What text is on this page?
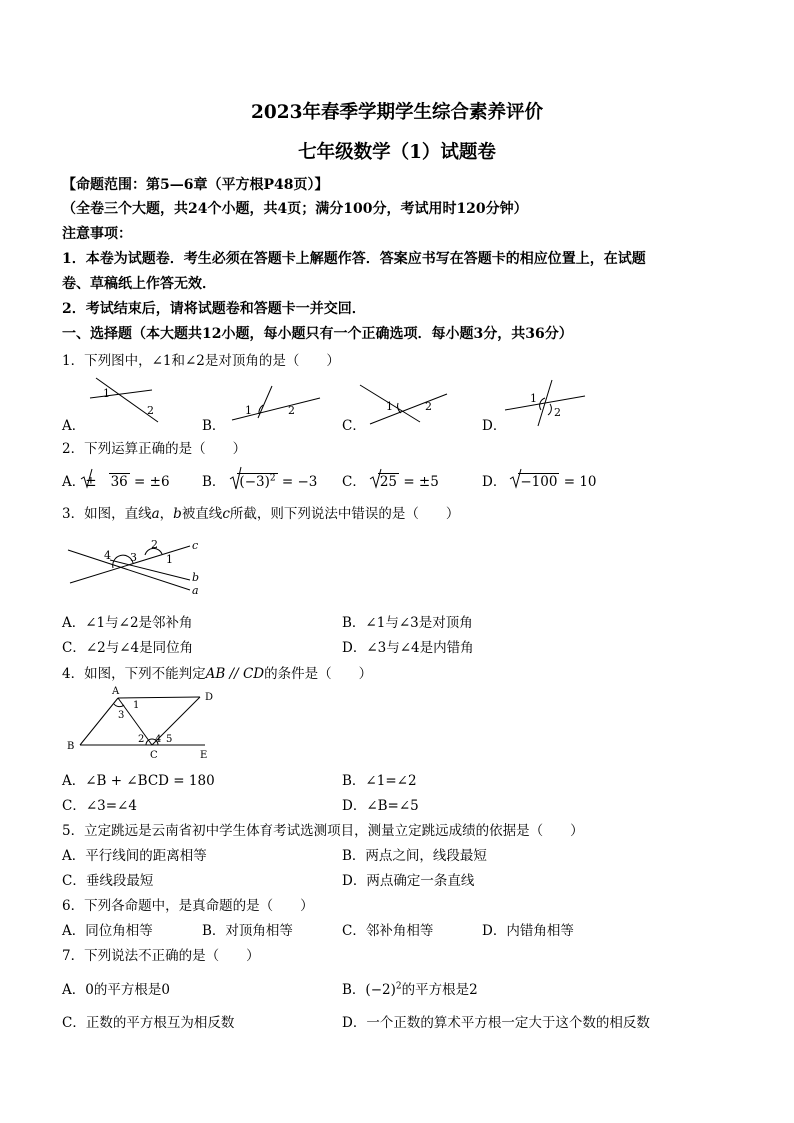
2023年春季学期学生综合素养评价
七年级数学（1）试题卷
【命题范围：第5—6章（平方根P48页）】
（全卷三个大题，共24个小题，共4页；满分100分，考试用时120分钟）
注意事项：
1．本卷为试题卷．考生必须在答题卡上解题作答．答案应书写在答题卡的相应位置上，在试题
卷、草稿纸上作答无效．
2．考试结束后，请将试题卷和答题卡一并交回．
一、选择题（本大题共12小题，每小题只有一个正确选项．每小题3分，共36分）
1．下列图中，∠1和∠2是对顶角的是（　　）
A．	B．	C．	D．
1
2	1	2	1	2
1
2
2．下列运算正确的是（　　）
A．± 36 = ±6 B． $(-3)^2 = -3$ C． 25 = ±5	D． −100 = 10
3．如图，直线a，b被直线c所截，则下列说法中错误的是（　　）
4 3
2
1
c
b
a
A．∠1与∠2是邻补角	B．∠1与∠3是对顶角
C．∠2与∠4是同位角	D．∠3与∠4是内错角
4．如图，下列不能判定AB // CD的条件是（　　）
A
D
B
C	E
1
3
2 4 5
A．∠B + ∠BCD = 180	B．∠1=∠2
C．∠3=∠4	D．∠B=∠5
5．立定跳远是云南省初中学生体育考试选测项目，测量立定跳远成绩的依据是（　　）
A．平行线间的距离相等	B．两点之间，线段最短
C．垂线段最短	D．两点确定一条直线
6．下列各命题中，是真命题的是（　　）
A．同位角相等	B．对顶角相等	C．邻补角相等	D．内错角相等
7．下列说法不正确的是（　　）
A．0的平方根是0	B．$(-2)^2$的平方根是2
C．正数的平方根互为相反数	D．一个正数的算术平方根一定大于这个数的相反数
